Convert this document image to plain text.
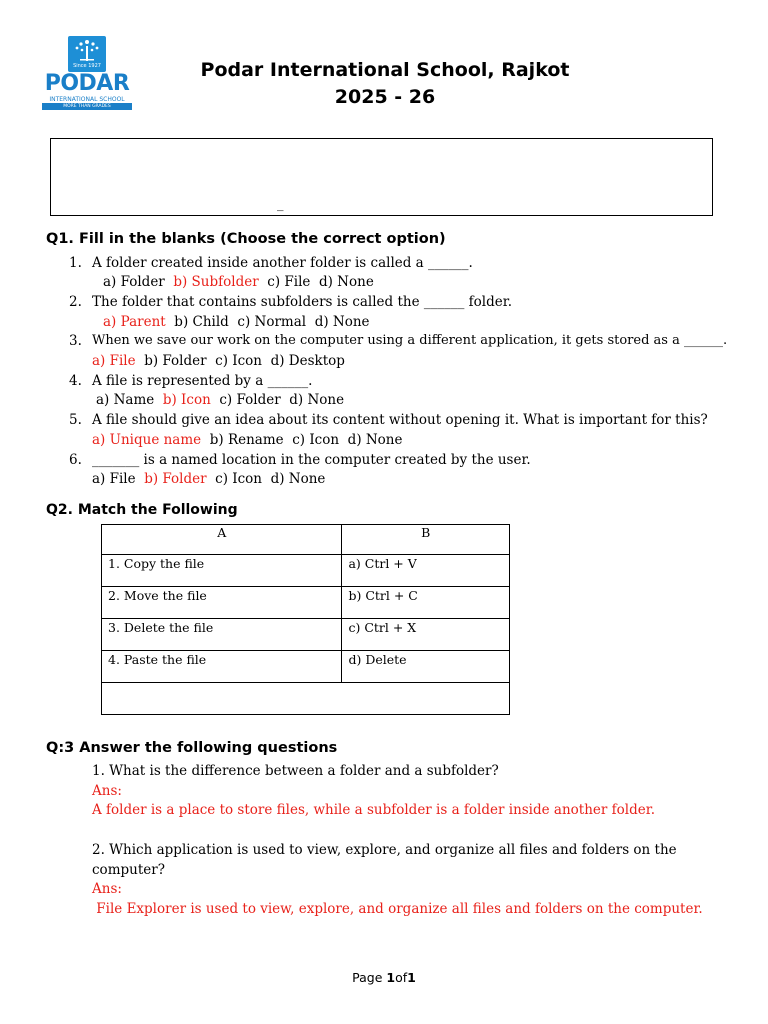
Since 1927
PODAR
INTERNATIONAL SCHOOL
MORE THAN GRADES
Podar International School, Rajkot
2025 - 26
_
Q1. Fill in the blanks (Choose the correct option)
1. A folder created inside another folder is called a ______.
a) Folder b) Subfolder c) File d) None
2. The folder that contains subfolders is called the ______ folder.
a) Parent b) Child c) Normal d) None
3. When we save our work on the computer using a different application, it gets stored as a ______.
a) File b) Folder c) Icon d) Desktop
4. A file is represented by a ______.
a) Name b) Icon c) Folder d) None
5. A file should give an idea about its content without opening it. What is important for this?
a) Unique name b) Rename c) Icon d) None
6. _______ is a named location in the computer created by the user.
a) File b) Folder c) Icon d) None
Q2. Match the Following
A	B
1. Copy the file	a) Ctrl + V
2. Move the file	b) Ctrl + C
3. Delete the file	c) Ctrl + X
4. Paste the file	d) Delete

Q:3 Answer the following questions
1. What is the difference between a folder and a subfolder?
Ans:
A folder is a place to store files, while a subfolder is a folder inside another folder.
2. Which application is used to view, explore, and organize all files and folders on the
computer?
Ans:
File Explorer is used to view, explore, and organize all files and folders on the computer.
Page 1of1
